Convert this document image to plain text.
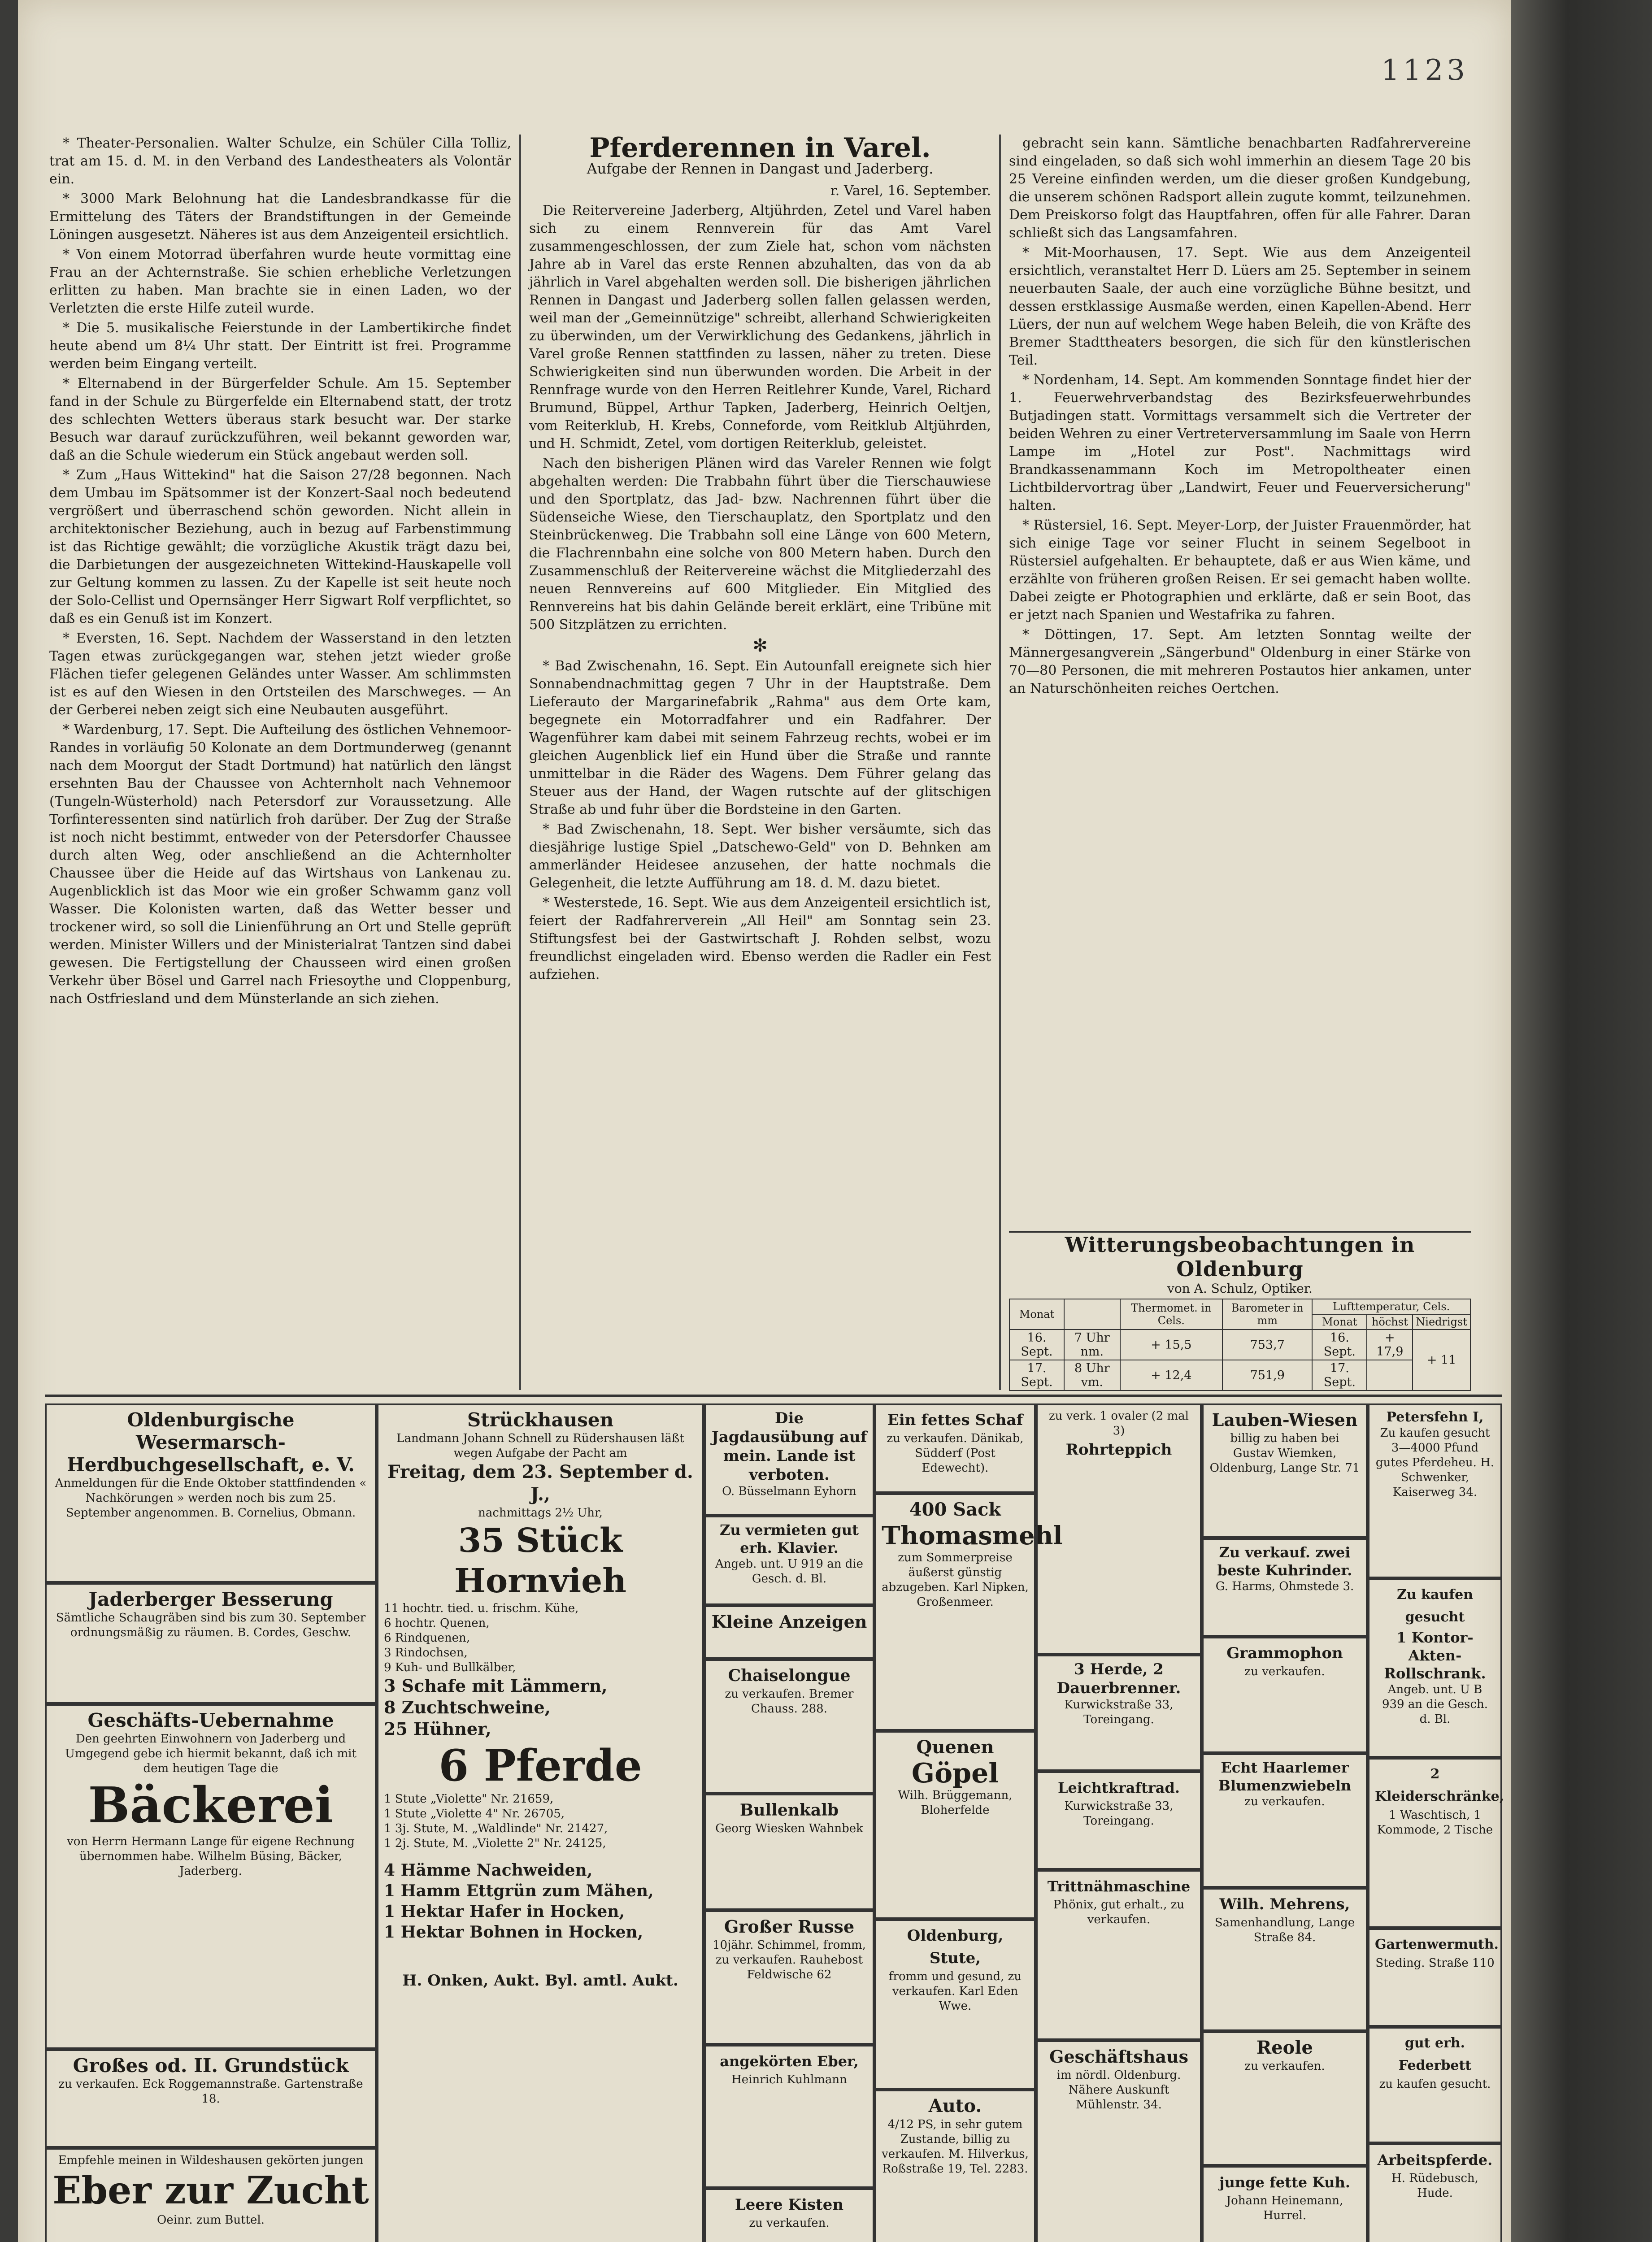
1123

* Theater-Personalien. Walter Schulze, ein Schüler Cilla Tolliz, trat am 15. d. M. in den Verband des Landestheaters als Volontär ein.

* 3000 Mark Belohnung hat die Landesbrandkasse für die Ermittelung des Täters der Brandstiftungen in der Gemeinde Löningen ausgesetzt. Näheres ist aus dem Anzeigenteil ersichtlich.

* Von einem Motorrad überfahren wurde heute vormittag eine Frau an der Achternstraße. Sie schien erhebliche Verletzungen erlitten zu haben. Man brachte sie in einen Laden, wo der Verletzten die erste Hilfe zuteil wurde.

* Die 5. musikalische Feierstunde in der Lambertikirche findet heute abend um 8¼ Uhr statt. Der Eintritt ist frei. Programme werden beim Eingang verteilt.

* Elternabend in der Bürgerfelder Schule. Am 15. September fand in der Schule zu Bürgerfelde ein Elternabend statt, der trotz des schlechten Wetters überaus stark besucht war. Der starke Besuch war darauf zurückzuführen, weil bekannt geworden war, daß an die Schule wiederum ein Stück angebaut werden soll.

* Zum „Haus Wittekind" hat die Saison 27/28 begonnen. Nach dem Umbau im Spätsommer ist der Konzert-Saal noch bedeutend vergrößert und überraschend schön geworden. Nicht allein in architektonischer Beziehung, auch in bezug auf Farbenstimmung ist das Richtige gewählt; die vorzügliche Akustik trägt dazu bei, die Darbietungen der ausgezeichneten Wittekind-Hauskapelle voll zur Geltung kommen zu lassen. Zu der Kapelle ist seit heute noch der Solo-Cellist und Opernsänger Herr Sigwart Rolf verpflichtet, so daß es ein Genuß ist im Konzert.

* Eversten, 16. Sept. Nachdem der Wasserstand in den letzten Tagen etwas zurückgegangen war, stehen jetzt wieder große Flächen tiefer gelegenen Geländes unter Wasser. Am schlimmsten ist es auf den Wiesen in den Ortsteilen des Marschweges. — An der Gerberei neben zeigt sich eine Neubauten ausgeführt.

* Wardenburg, 17. Sept. Die Aufteilung des östlichen Vehnemoor-Randes in vorläufig 50 Kolonate an dem Dortmunderweg (genannt nach dem Moorgut der Stadt Dortmund) hat natürlich den längst ersehnten Bau der Chaussee von Achternholt nach Vehnemoor (Tungeln-Wüsterhold) nach Petersdorf zur Voraussetzung. Alle Torfinteressenten sind natürlich froh darüber. Der Zug der Straße ist noch nicht bestimmt, entweder von der Petersdorfer Chaussee durch alten Weg, oder anschließend an die Achternholter Chaussee über die Heide auf das Wirtshaus von Lankenau zu. Augenblicklich ist das Moor wie ein großer Schwamm ganz voll Wasser. Die Kolonisten warten, daß das Wetter besser und trockener wird, so soll die Linienführung an Ort und Stelle geprüft werden. Minister Willers und der Ministerialrat Tantzen sind dabei gewesen. Die Fertigstellung der Chausseen wird einen großen Verkehr über Bösel und Garrel nach Friesoythe und Cloppenburg, nach Ostfriesland und dem Münsterlande an sich ziehen.

Pferderennen in Varel.
Aufgabe der Rennen in Dangast und Jaderberg.

r. Varel, 16. September.

Die Reitervereine Jaderberg, Altjührden, Zetel und Varel haben sich zu einem Rennverein für das Amt Varel zusammengeschlossen, der zum Ziele hat, schon vom nächsten Jahre ab in Varel das erste Rennen abzuhalten, das von da ab jährlich in Varel abgehalten werden soll. Die bisherigen jährlichen Rennen in Dangast und Jaderberg sollen fallen gelassen werden, weil man der „Gemeinnützige" schreibt, allerhand Schwierigkeiten zu überwinden, um der Verwirklichung des Gedankens, jährlich in Varel große Rennen stattfinden zu lassen, näher zu treten. Diese Schwierigkeiten sind nun überwunden worden. Die Arbeit in der Rennfrage wurde von den Herren Reitlehrer Kunde, Varel, Richard Brumund, Büppel, Arthur Tapken, Jaderberg, Heinrich Oeltjen, vom Reiterklub, H. Krebs, Conneforde, vom Reitklub Altjührden, und H. Schmidt, Zetel, vom dortigen Reiterklub, geleistet.

Nach den bisherigen Plänen wird das Vareler Rennen wie folgt abgehalten werden: Die Trabbahn führt über die Tierschauwiese und den Sportplatz, das Jad- bzw. Nachrennen führt über die Südenseiche Wiese, den Tierschauplatz, den Sportplatz und den Steinbrückenweg. Die Trabbahn soll eine Länge von 600 Metern, die Flachrennbahn eine solche von 800 Metern haben. Durch den Zusammenschluß der Reitervereine wächst die Mitgliederzahl des neuen Rennvereins auf 600 Mitglieder. Ein Mitglied des Rennvereins hat bis dahin Gelände bereit erklärt, eine Tribüne mit 500 Sitzplätzen zu errichten.

✻

* Bad Zwischenahn, 16. Sept. Ein Autounfall ereignete sich hier Sonnabendnachmittag gegen 7 Uhr in der Hauptstraße. Dem Lieferauto der Margarinefabrik „Rahma" aus dem Orte kam, begegnete ein Motorradfahrer und ein Radfahrer. Der Wagenführer kam dabei mit seinem Fahrzeug rechts, wobei er im gleichen Augenblick lief ein Hund über die Straße und rannte unmittelbar in die Räder des Wagens. Dem Führer gelang das Steuer aus der Hand, der Wagen rutschte auf der glitschigen Straße ab und fuhr über die Bordsteine in den Garten.

* Bad Zwischenahn, 18. Sept. Wer bisher versäumte, sich das diesjährige lustige Spiel „Datschewo-Geld" von D. Behnken am ammerländer Heidesee anzusehen, der hatte nochmals die Gelegenheit, die letzte Aufführung am 18. d. M. dazu bietet.

* Westerstede, 16. Sept. Wie aus dem Anzeigenteil ersichtlich ist, feiert der Radfahrerverein „All Heil" am Sonntag sein 23. Stiftungsfest bei der Gastwirtschaft J. Rohden selbst, wozu freundlichst eingeladen wird. Ebenso werden die Radler ein Fest aufziehen.

gebracht sein kann. Sämtliche benachbarten Radfahrervereine sind eingeladen, so daß sich wohl immerhin an diesem Tage 20 bis 25 Vereine einfinden werden, um die dieser großen Kundgebung, die unserem schönen Radsport allein zugute kommt, teilzunehmen. Dem Preiskorso folgt das Hauptfahren, offen für alle Fahrer. Daran schließt sich das Langsamfahren.

* Mit-Moorhausen, 17. Sept. Wie aus dem Anzeigenteil ersichtlich, veranstaltet Herr D. Lüers am 25. September in seinem neuerbauten Saale, der auch eine vorzügliche Bühne besitzt, und dessen erstklassige Ausmaße werden, einen Kapellen-Abend. Herr Lüers, der nun auf welchem Wege haben Beleih, die von Kräfte des Bremer Stadttheaters besorgen, die sich für den künstlerischen Teil.

* Nordenham, 14. Sept. Am kommenden Sonntage findet hier der 1. Feuerwehrverbandstag des Bezirksfeuerwehrbundes Butjadingen statt. Vormittags versammelt sich die Vertreter der beiden Wehren zu einer Vertreterversammlung im Saale von Herrn Lampe im „Hotel zur Post". Nachmittags wird Brandkassenammann Koch im Metropoltheater einen Lichtbildervortrag über „Landwirt, Feuer und Feuerversicherung" halten.

* Rüstersiel, 16. Sept. Meyer-Lorp, der Juister Frauenmörder, hat sich einige Tage vor seiner Flucht in seinem Segelboot in Rüstersiel aufgehalten. Er behauptete, daß er aus Wien käme, und erzählte von früheren großen Reisen. Er sei gemacht haben wollte. Dabei zeigte er Photographien und erklärte, daß er sein Boot, das er jetzt nach Spanien und Westafrika zu fahren.

* Döttingen, 17. Sept. Am letzten Sonntag weilte der Männergesangverein „Sängerbund" Oldenburg in einer Stärke von 70—80 Personen, die mit mehreren Postautos hier ankamen, unter an Naturschönheiten reiches Oertchen.

Witterungsbeobachtungen in Oldenburg
von A. Schulz, Optiker.
Monat		Thermomet. in Cels.	Barometer in mm	Lufttemperatur, Cels.		
				Monat	höchst	Niedrigst
16. Sept.	7 Uhr nm.	+ 15,5	753,7	16. Sept.	+ 17,9	+ 11
17. Sept.	8 Uhr vm.	+ 12,4	751,9	17. Sept.		
Oldenburgische Wesermarsch-Herdbuchgesellschaft, e. V.
Anmeldungen für die Ende Oktober stattfindenden « Nachkörungen » werden noch bis zum 25. September angenommen. B. Cornelius, Obmann.
Jaderberger Besserung
Sämtliche Schaugräben sind bis zum 30. September ordnungsmäßig zu räumen. B. Cordes, Geschw.
Geschäfts-Uebernahme
Den geehrten Einwohnern von Jaderberg und Umgegend gebe ich hiermit bekannt, daß ich mit dem heutigen Tage die
Bäckerei
von Herrn Hermann Lange für eigene Rechnung übernommen habe. Wilhelm Büsing, Bäcker, Jaderberg.
Großes od. II. Grundstück
zu verkaufen. Eck Roggemannstraße. Gartenstraße 18.
Empfehle meinen in Wildeshausen gekörten jungen
Eber zur Zucht
Oeinr. zum Buttel.
Strückhausen
Landmann Johann Schnell zu Rüdershausen läßt wegen Aufgabe der Pacht am
Freitag, dem 23. September d. J.,
nachmittags 2½ Uhr,
35 Stück Hornvieh
11 hochtr. tied. u. frischm. Kühe,
6 hochtr. Quenen,
6 Rindquenen,
3 Rindochsen,
9 Kuh- und Bullkälber,
3 Schafe mit Lämmern,
8 Zuchtschweine,
25 Hühner,
6 Pferde
1 Stute „Violette" Nr. 21659,
1 Stute „Violette 4" Nr. 26705,
1 3j. Stute, M. „Waldlinde" Nr. 21427,
1 2j. Stute, M. „Violette 2" Nr. 24125,
4 Hämme Nachweiden,
1 Hamm Ettgrün zum Mähen,
1 Hektar Hafer in Hocken,
1 Hektar Bohnen in Hocken,
H. Onken, Aukt. Byl. amtl. Aukt.
Die Jagdausübung auf mein. Lande ist verboten.
O. Büsselmann Eyhorn
Zu vermieten gut erh. Klavier.
Angeb. unt. U 919 an die Gesch. d. Bl.
Kleine Anzeigen
Chaiselongue
zu verkaufen. Bremer Chauss. 288.
Bullenkalb
Georg Wiesken Wahnbek
Großer Russe
10jähr. Schimmel, fromm, zu verkaufen. Rauhebost Feldwische 62
angekörten Eber,
Heinrich Kuhlmann
Leere Kisten
zu verkaufen.
Ein fettes Schaf
zu verkaufen. Dänikab, Südderf (Post Edewecht).
400 Sack
Thomasmehl
zum Sommerpreise äußerst günstig abzugeben. Karl Nipken, Großenmeer.
Quenen
Göpel
Wilh. Brüggemann, Bloherfelde
Oldenburg, Stute,
fromm und gesund, zu verkaufen. Karl Eden Wwe.
Auto.
4/12 PS, in sehr gutem Zustande, billig zu verkaufen. M. Hilverkus, Roßstraße 19, Tel. 2283.
zu verk. 1 ovaler (2 mal 3)
Rohrteppich
3 Herde, 2 Dauerbrenner.
Kurwickstraße 33, Toreingang.
Leichtkraftrad.
Kurwickstraße 33, Toreingang.
Trittnähmaschine
Phönix, gut erhalt., zu verkaufen.
Geschäftshaus
im nördl. Oldenburg. Nähere Auskunft Mühlenstr. 34.
Lauben-Wiesen
billig zu haben bei Gustav Wiemken, Oldenburg, Lange Str. 71
Zu verkauf. zwei beste Kuhrinder.
G. Harms, Ohmstede 3.
Grammophon
zu verkaufen.
Echt Haarlemer Blumenzwiebeln
zu verkaufen.
Wilh. Mehrens,
Samenhandlung, Lange Straße 84.
Reole
zu verkaufen.
junge fette Kuh.
Johann Heinemann, Hurrel.
Petersfehn I,
Zu kaufen gesucht 3—4000 Pfund gutes Pferdeheu. H. Schwenker, Kaiserweg 34.
Zu kaufen gesucht
1 Kontor-Akten-Rollschrank.
Angeb. unt. U B 939 an die Gesch. d. Bl.
2 Kleiderschränke,
1 Waschtisch, 1 Kommode, 2 Tische
Gartenwermuth.
Steding. Straße 110
gut erh. Federbett
zu kaufen gesucht.
Arbeitspferde.
H. Rüdebusch, Hude.
